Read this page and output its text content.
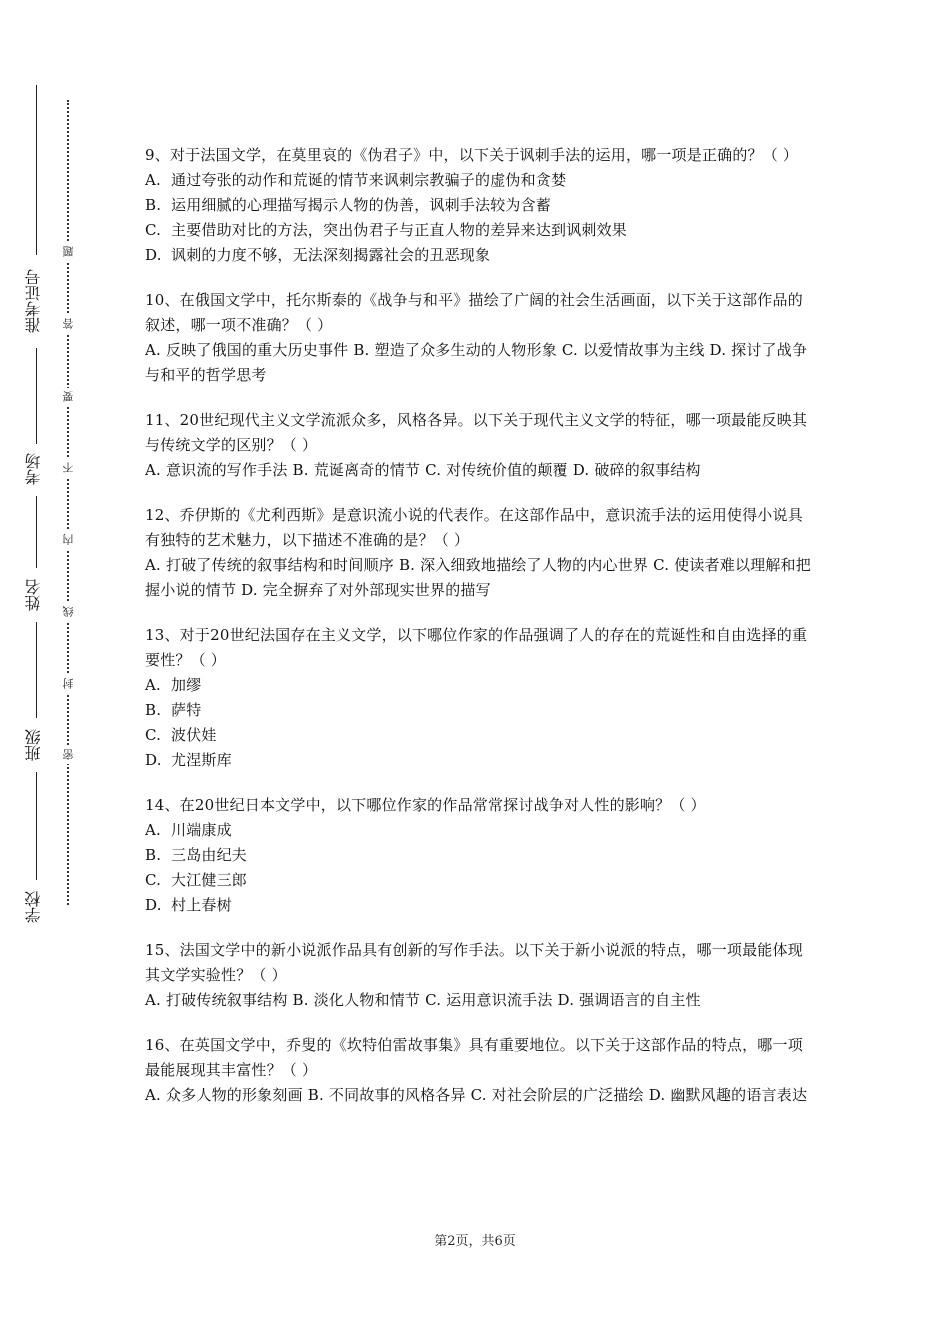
准考证号
考场
姓名
班级
学校
题
答
要
不
内
线
封
密

9、对于法国文学，在莫里哀的《伪君子》中，以下关于讽刺手法的运用，哪一项是正确的？（ ）

A. 通过夸张的动作和荒诞的情节来讽刺宗教骗子的虚伪和贪婪

B. 运用细腻的心理描写揭示人物的伪善，讽刺手法较为含蓄

C. 主要借助对比的方法，突出伪君子与正直人物的差异来达到讽刺效果

D. 讽刺的力度不够，无法深刻揭露社会的丑恶现象

10、在俄国文学中，托尔斯泰的《战争与和平》描绘了广阔的社会生活画面，以下关于这部作品的叙述，哪一项不准确？（ ）

A. 反映了俄国的重大历史事件 B. 塑造了众多生动的人物形象 C. 以爱情故事为主线 D. 探讨了战争与和平的哲学思考

11、20世纪现代主义文学流派众多，风格各异。以下关于现代主义文学的特征，哪一项最能反映其与传统文学的区别？（ ）

A. 意识流的写作手法 B. 荒诞离奇的情节 C. 对传统价值的颠覆 D. 破碎的叙事结构

12、乔伊斯的《尤利西斯》是意识流小说的代表作。在这部作品中，意识流手法的运用使得小说具有独特的艺术魅力，以下描述不准确的是？（ ）

A. 打破了传统的叙事结构和时间顺序 B. 深入细致地描绘了人物的内心世界 C. 使读者难以理解和把握小说的情节 D. 完全摒弃了对外部现实世界的描写

13、对于20世纪法国存在主义文学，以下哪位作家的作品强调了人的存在的荒诞性和自由选择的重要性？（ ）

A. 加缪

B. 萨特

C. 波伏娃

D. 尤涅斯库

14、在20世纪日本文学中，以下哪位作家的作品常常探讨战争对人性的影响？（ ）

A. 川端康成

B. 三岛由纪夫

C. 大江健三郎

D. 村上春树

15、法国文学中的新小说派作品具有创新的写作手法。以下关于新小说派的特点，哪一项最能体现其文学实验性？（ ）

A. 打破传统叙事结构 B. 淡化人物和情节 C. 运用意识流手法 D. 强调语言的自主性

16、在英国文学中，乔叟的《坎特伯雷故事集》具有重要地位。以下关于这部作品的特点，哪一项最能展现其丰富性？（ ）

A. 众多人物的形象刻画 B. 不同故事的风格各异 C. 对社会阶层的广泛描绘 D. 幽默风趣的语言表达

第2页，共6页
